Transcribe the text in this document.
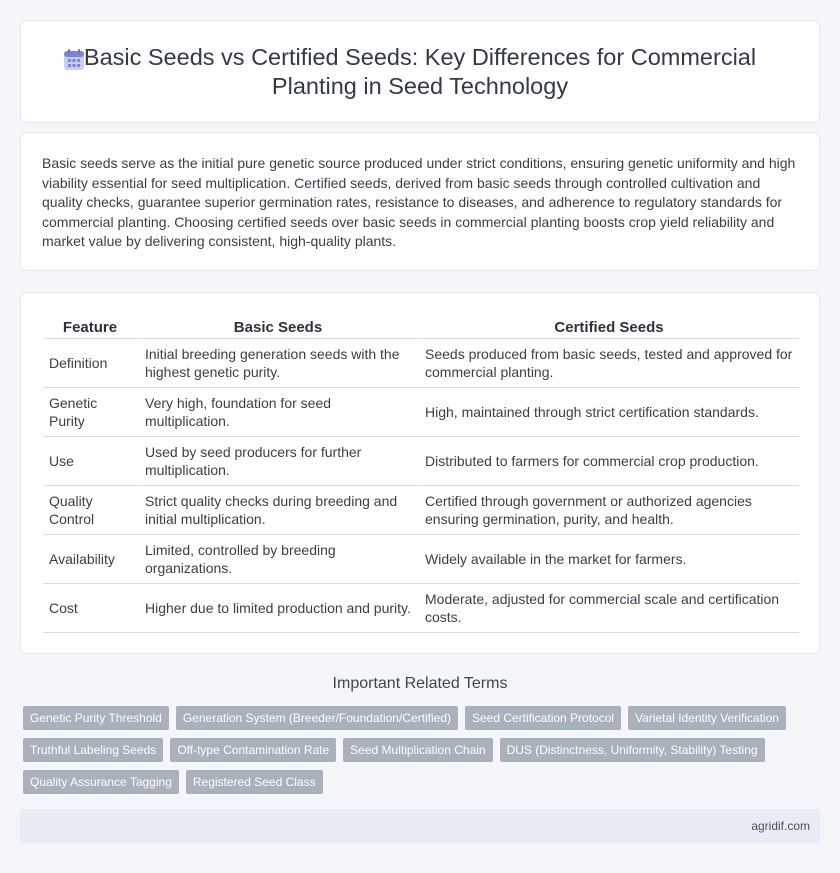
Basic Seeds vs Certified Seeds: Key Differences for Commercial Planting in Seed Technology

Basic seeds serve as the initial pure genetic source produced under strict conditions, ensuring genetic uniformity and high viability essential for seed multiplication. Certified seeds, derived from basic seeds through controlled cultivation and quality checks, guarantee superior germination rates, resistance to diseases, and adherence to regulatory standards for commercial planting. Choosing certified seeds over basic seeds in commercial planting boosts crop yield reliability and market value by delivering consistent, high-quality plants.

Feature	Basic Seeds	Certified Seeds
Definition	Initial breeding generation seeds with the highest genetic purity.	Seeds produced from basic seeds, tested and approved for commercial planting.
Genetic Purity	Very high, foundation for seed multiplication.	High, maintained through strict certification standards.
Use	Used by seed producers for further multiplication.	Distributed to farmers for commercial crop production.
Quality Control	Strict quality checks during breeding and initial multiplication.	Certified through government or authorized agencies ensuring germination, purity, and health.
Availability	Limited, controlled by breeding organizations.	Widely available in the market for farmers.
Cost	Higher due to limited production and purity.	Moderate, adjusted for commercial scale and certification costs.
Important Related Terms
Genetic Purity Threshold	Generation System (Breeder/Foundation/Certified)	Seed Certification Protocol	Varietal Identity Verification
Truthful Labeling Seeds	Off-type Contamination Rate	Seed Multiplication Chain	DUS (Distinctness, Uniformity, Stability) Testing
Quality Assurance Tagging	Registered Seed Class
agridif.com
